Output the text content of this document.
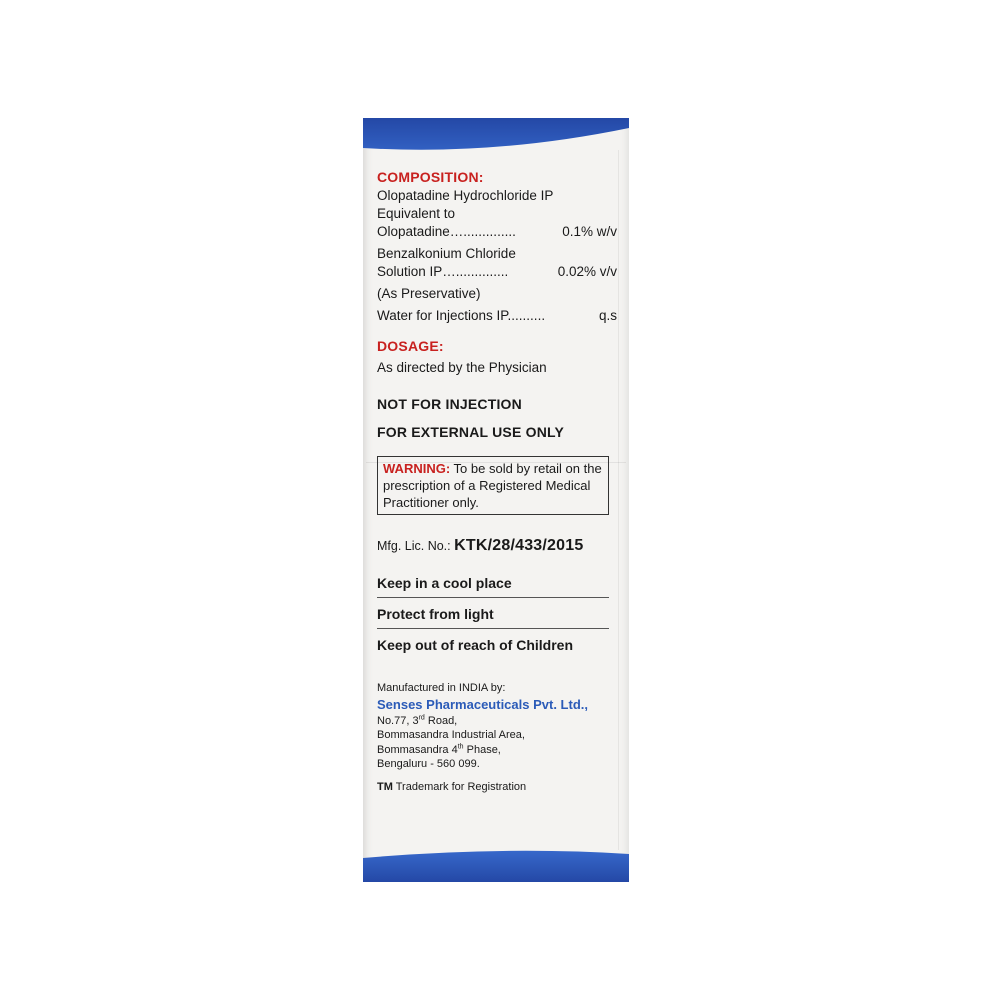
COMPOSITION:

Olopatadine Hydrochloride IP

Equivalent to

Olopatadine…..............	0.1% w/v

Benzalkonium Chloride

Solution IP…..............	0.02% v/v

(As Preservative)

Water for Injections IP..........	q.s

DOSAGE:

As directed by the Physician

NOT FOR INJECTION

FOR EXTERNAL USE ONLY

WARNING: To be sold by retail on the prescription of a Registered Medical Practitioner only.
Mfg. Lic. No.: KTK/28/433/2015
Keep in a cool place
Protect from light
Keep out of reach of Children

Manufactured in INDIA by:

Senses Pharmaceuticals Pvt. Ltd.,

No.77, 3rd Road,

Bommasandra Industrial Area,

Bommasandra 4th Phase,

Bengaluru - 560 099.

TM Trademark for Registration
